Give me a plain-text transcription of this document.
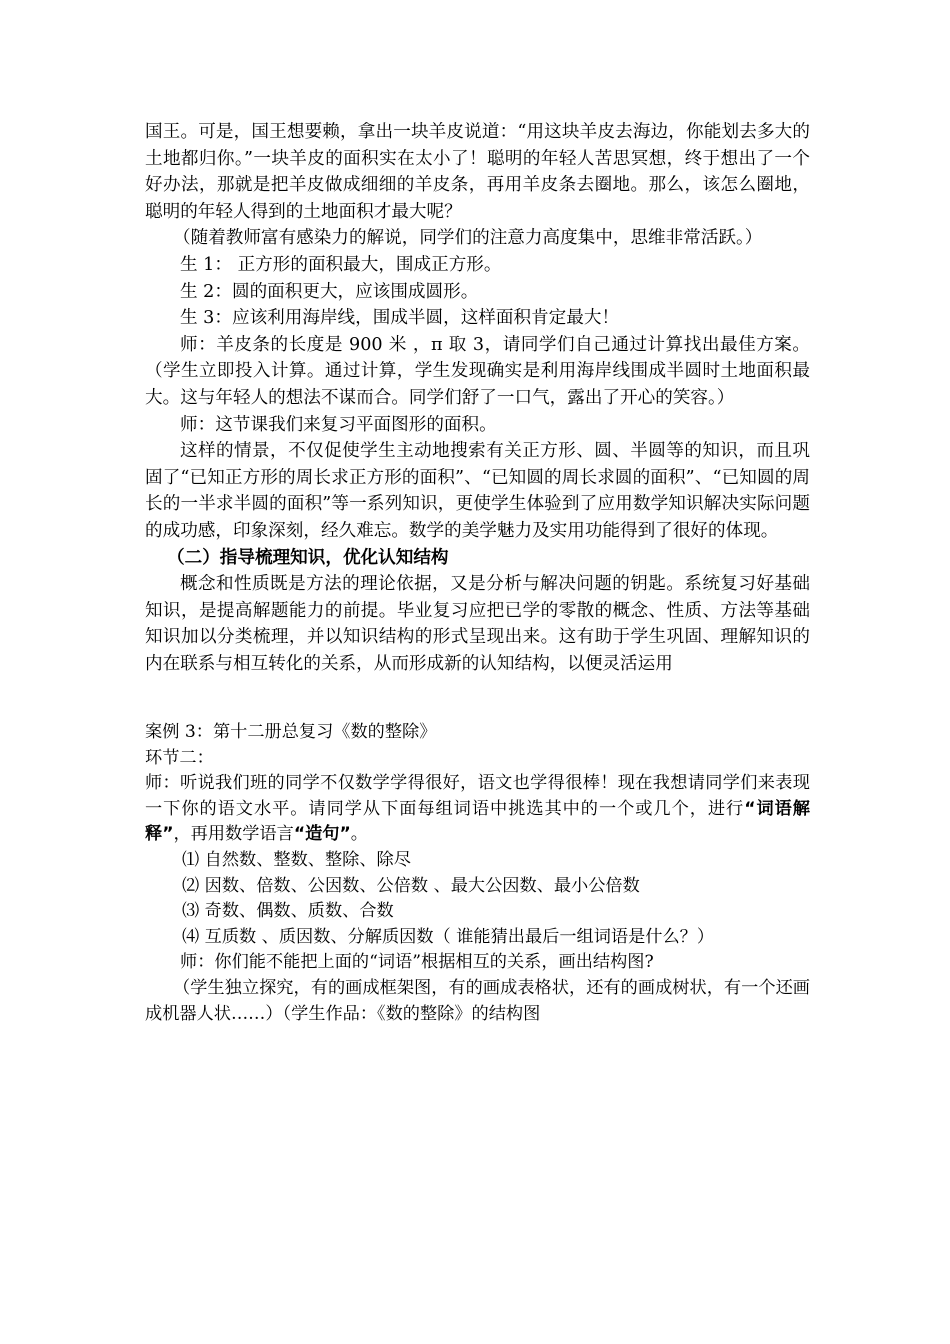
国王。可是，国王想要赖，拿出一块羊皮说道：“用这块羊皮去海边，你能划去多大的土地都归你。”一块羊皮的面积实在太小了！聪明的年轻人苦思冥想，终于想出了一个好办法，那就是把羊皮做成细细的羊皮条，再用羊皮条去圈地。那么，该怎么圈地，聪明的年轻人得到的土地面积才最大呢？

（随着教师富有感染力的解说，同学们的注意力高度集中，思维非常活跃。）

生 1： 正方形的面积最大，围成正方形。

生 2：圆的面积更大，应该围成圆形。

生 3：应该利用海岸线，围成半圆，这样面积肯定最大！

师：羊皮条的长度是 900 米 ，π 取 3，请同学们自己通过计算找出最佳方案。（学生立即投入计算。通过计算，学生发现确实是利用海岸线围成半圆时土地面积最大。这与年轻人的想法不谋而合。同学们舒了一口气，露出了开心的笑容。）

师：这节课我们来复习平面图形的面积。

这样的情景，不仅促使学生主动地搜索有关正方形、圆、半圆等的知识，而且巩固了“已知正方形的周长求正方形的面积”、“已知圆的周长求圆的面积”、“已知圆的周长的一半求半圆的面积”等一系列知识，更使学生体验到了应用数学知识解决实际问题的成功感，印象深刻，经久难忘。数学的美学魅力及实用功能得到了很好的体现。

（二）指导梳理知识，优化认知结构

概念和性质既是方法的理论依据，又是分析与解决问题的钥匙。系统复习好基础知识，是提高解题能力的前提。毕业复习应把已学的零散的概念、性质、方法等基础知识加以分类梳理，并以知识结构的形式呈现出来。这有助于学生巩固、理解知识的内在联系与相互转化的关系，从而形成新的认知结构，以便灵活运用

案例 3：第十二册总复习《数的整除》

环节二：

师：听说我们班的同学不仅数学学得很好，语文也学得很棒！现在我想请同学们来表现一下你的语文水平。请同学从下面每组词语中挑选其中的一个或几个，进行“词语解释”，再用数学语言“造句”。

⑴ 自然数、整数、整除、除尽

⑵ 因数、倍数、公因数、公倍数 、最大公因数、最小公倍数

⑶ 奇数、偶数、质数、合数

⑷ 互质数 、质因数、分解质因数（ 谁能猜出最后一组词语是什么？）

师：你们能不能把上面的“词语”根据相互的关系，画出结构图?

（学生独立探究，有的画成框架图，有的画成表格状，还有的画成树状，有一个还画成机器人状……）（学生作品：《数的整除》的结构图
